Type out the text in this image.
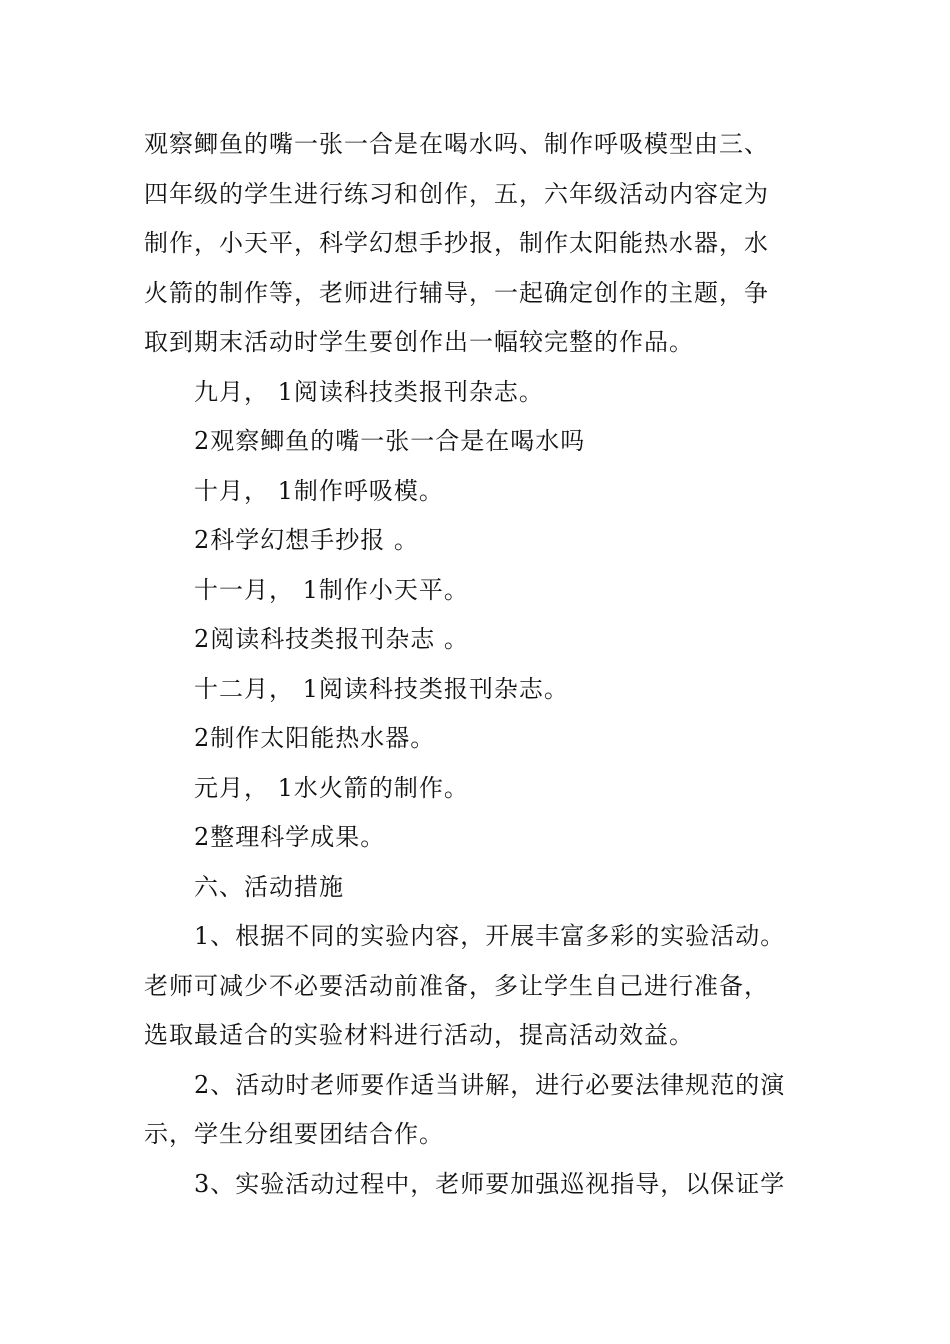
观察鲫鱼的嘴一张一合是在喝水吗、制作呼吸模型由三、
四年级的学生进行练习和创作，五，六年级活动内容定为
制作，小天平，科学幻想手抄报，制作太阳能热水器，水
火箭的制作等，老师进行辅导，一起确定创作的主题，争
取到期末活动时学生要创作出一幅较完整的作品。
九月， 1阅读科技类报刊杂志。
2观察鲫鱼的嘴一张一合是在喝水吗
十月， 1制作呼吸模。
2科学幻想手抄报 。
十一月， 1制作小天平。
2阅读科技类报刊杂志 。
十二月， 1阅读科技类报刊杂志。
2制作太阳能热水器。
元月， 1水火箭的制作。
2整理科学成果。
六、活动措施
1、根据不同的实验内容，开展丰富多彩的实验活动。
老师可减少不必要活动前准备，多让学生自己进行准备，
选取最适合的实验材料进行活动，提高活动效益。
2、活动时老师要作适当讲解，进行必要法律规范的演
示，学生分组要团结合作。
3、实验活动过程中，老师要加强巡视指导，以保证学
